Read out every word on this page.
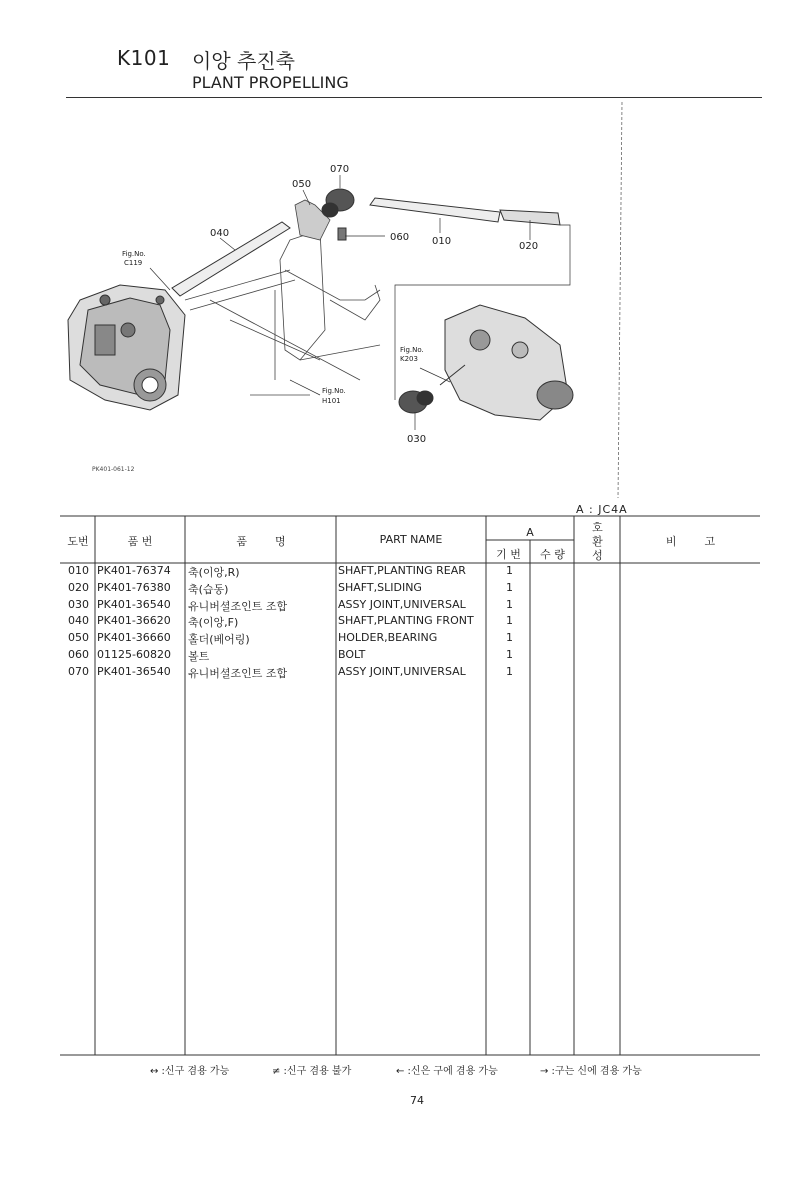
K101 이앙 추진축
PLANT PROPELLING
070
050
040	060 010	020
030
Fig.No.
C119
Fig.No.
K203
Fig.No.
H101
PK401-061-12
A : JC4A
도번	품 번	품        명	PART NAME
A
기 번	수 량
호
환
성
비        고
010 PK401-76374 축(이앙,R)	SHAFT,PLANTING REAR	1
020 PK401-76380 축(습동)	SHAFT,SLIDING	1
030 PK401-36540 유니버셜조인트 조합	ASSY JOINT,UNIVERSAL	1
040 PK401-36620 축(이앙,F)	SHAFT,PLANTING FRONT	1
050 PK401-36660 홀더(베어링)	HOLDER,BEARING	1
060 01125-60820 볼트	BOLT	1
070 PK401-36540 유니버셜조인트 조합	ASSY JOINT,UNIVERSAL	1
↔ :신구 겸용 가능	≠ :신구 겸용 불가	← :신은 구에 겸용 가능	→ :구는 신에 겸용 가능
74
